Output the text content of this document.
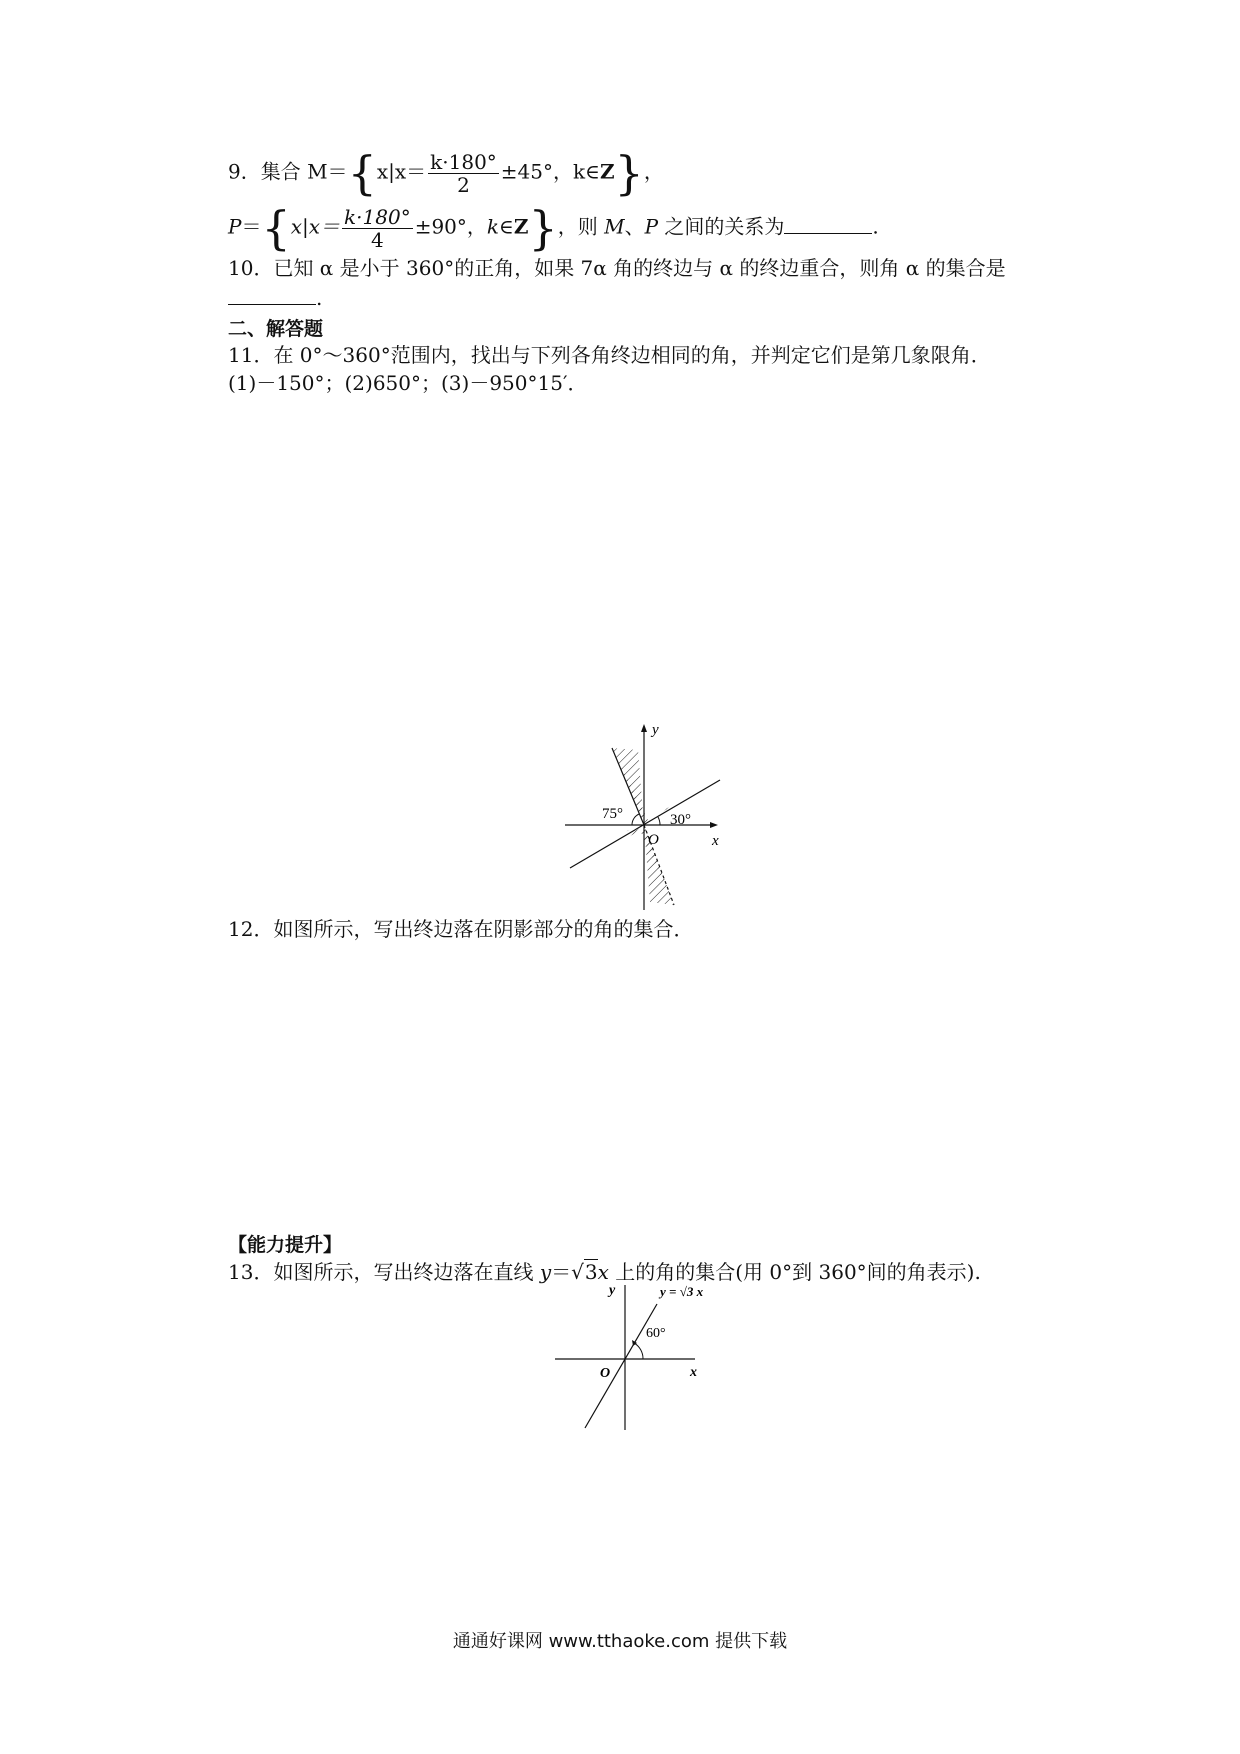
9．集合 $M=\{x|x= \frac{k\cdot 180^\circ}{2} \pm 45^\circ$，k∈Z}，
$P=\{x|x= \frac{k\cdot 180^\circ}{4} \pm 90^\circ$，k∈Z}，则 M、P 之间的关系为	.
10．已知 α 是小于 360°的正角，如果 7α 角的终边与 α 的终边重合，则角 α 的集合是
.
二、解答题
11．在 0°～360°范围内，找出与下列各角终边相同的角，并判定它们是第几象限角．
(1)－150°；(2)650°；(3)－950°15′．
y
x
O
75°	30°
12．如图所示，写出终边落在阴影部分的角的集合．
【能力提升】
13．如图所示，写出终边落在直线 y＝√3x 上的角的集合(用 0°到 360°间的角表示).
y
x
O
y = √3 x
60°
通通好课网 www.tthaoke.com 提供下载
